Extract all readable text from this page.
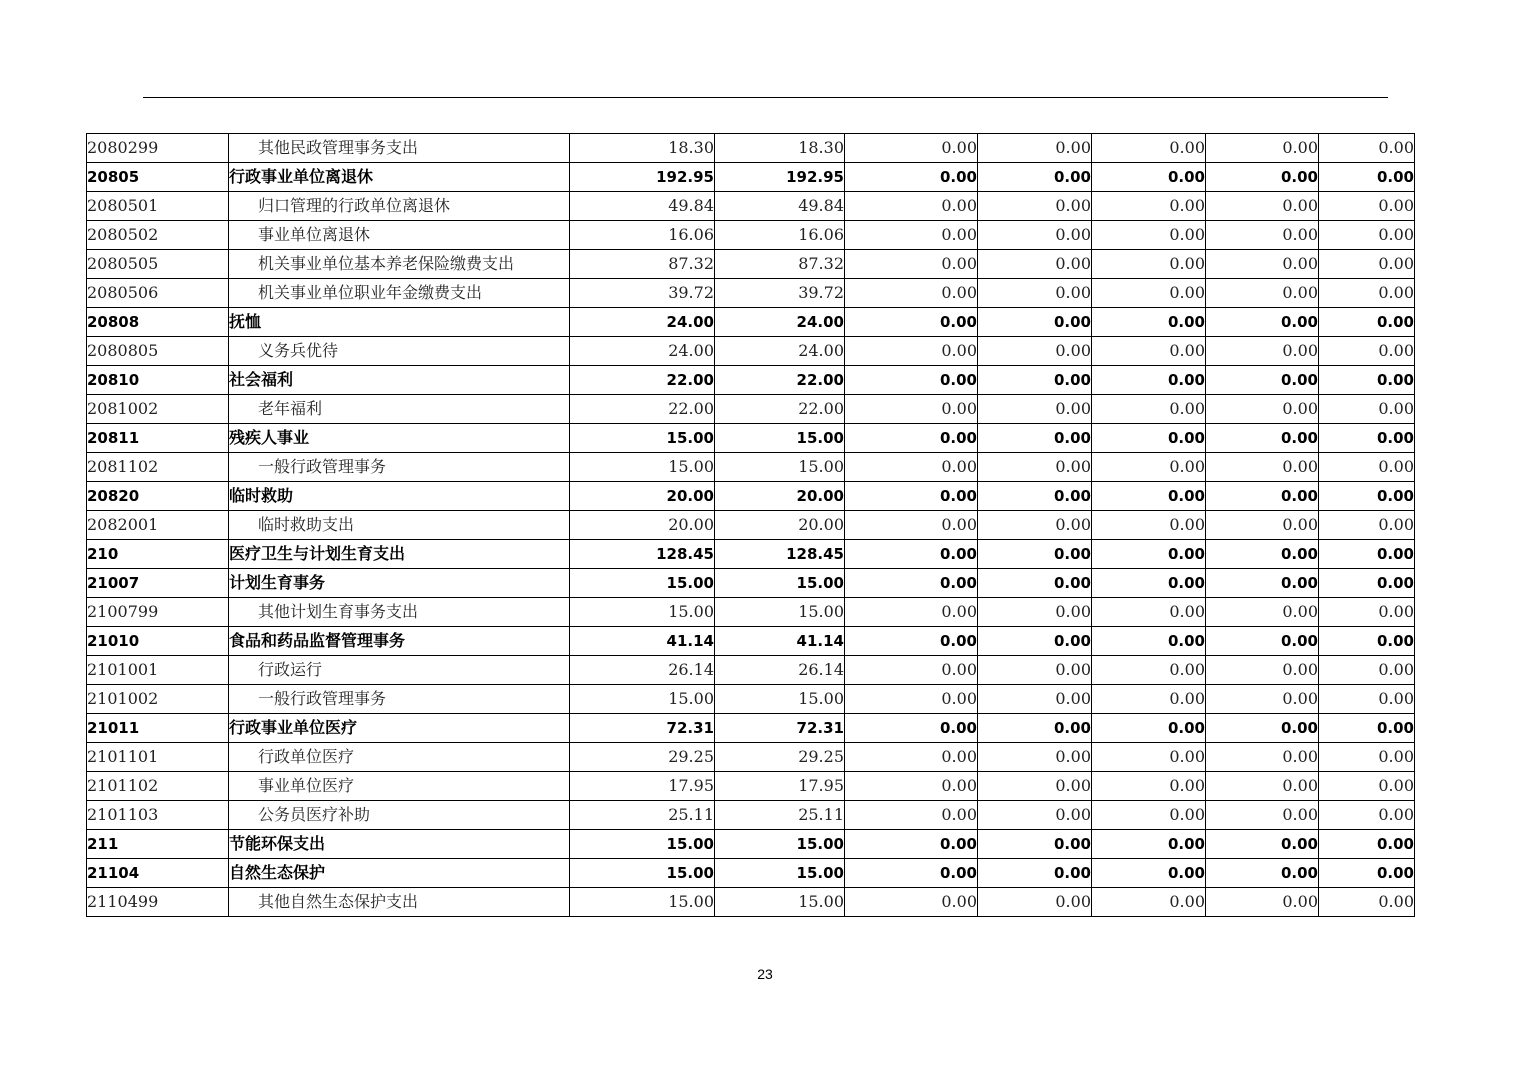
2080299	其他民政管理事务支出	18.30	18.30	0.00	0.00	0.00	0.00	0.00
20805	行政事业单位离退休	192.95	192.95	0.00	0.00	0.00	0.00	0.00
2080501	归口管理的行政单位离退休	49.84	49.84	0.00	0.00	0.00	0.00	0.00
2080502	事业单位离退休	16.06	16.06	0.00	0.00	0.00	0.00	0.00
2080505	机关事业单位基本养老保险缴费支出	87.32	87.32	0.00	0.00	0.00	0.00	0.00
2080506	机关事业单位职业年金缴费支出	39.72	39.72	0.00	0.00	0.00	0.00	0.00
20808	抚恤	24.00	24.00	0.00	0.00	0.00	0.00	0.00
2080805	义务兵优待	24.00	24.00	0.00	0.00	0.00	0.00	0.00
20810	社会福利	22.00	22.00	0.00	0.00	0.00	0.00	0.00
2081002	老年福利	22.00	22.00	0.00	0.00	0.00	0.00	0.00
20811	残疾人事业	15.00	15.00	0.00	0.00	0.00	0.00	0.00
2081102	一般行政管理事务	15.00	15.00	0.00	0.00	0.00	0.00	0.00
20820	临时救助	20.00	20.00	0.00	0.00	0.00	0.00	0.00
2082001	临时救助支出	20.00	20.00	0.00	0.00	0.00	0.00	0.00
210	医疗卫生与计划生育支出	128.45	128.45	0.00	0.00	0.00	0.00	0.00
21007	计划生育事务	15.00	15.00	0.00	0.00	0.00	0.00	0.00
2100799	其他计划生育事务支出	15.00	15.00	0.00	0.00	0.00	0.00	0.00
21010	食品和药品监督管理事务	41.14	41.14	0.00	0.00	0.00	0.00	0.00
2101001	行政运行	26.14	26.14	0.00	0.00	0.00	0.00	0.00
2101002	一般行政管理事务	15.00	15.00	0.00	0.00	0.00	0.00	0.00
21011	行政事业单位医疗	72.31	72.31	0.00	0.00	0.00	0.00	0.00
2101101	行政单位医疗	29.25	29.25	0.00	0.00	0.00	0.00	0.00
2101102	事业单位医疗	17.95	17.95	0.00	0.00	0.00	0.00	0.00
2101103	公务员医疗补助	25.11	25.11	0.00	0.00	0.00	0.00	0.00
211	节能环保支出	15.00	15.00	0.00	0.00	0.00	0.00	0.00
21104	自然生态保护	15.00	15.00	0.00	0.00	0.00	0.00	0.00
2110499	其他自然生态保护支出	15.00	15.00	0.00	0.00	0.00	0.00	0.00
23
